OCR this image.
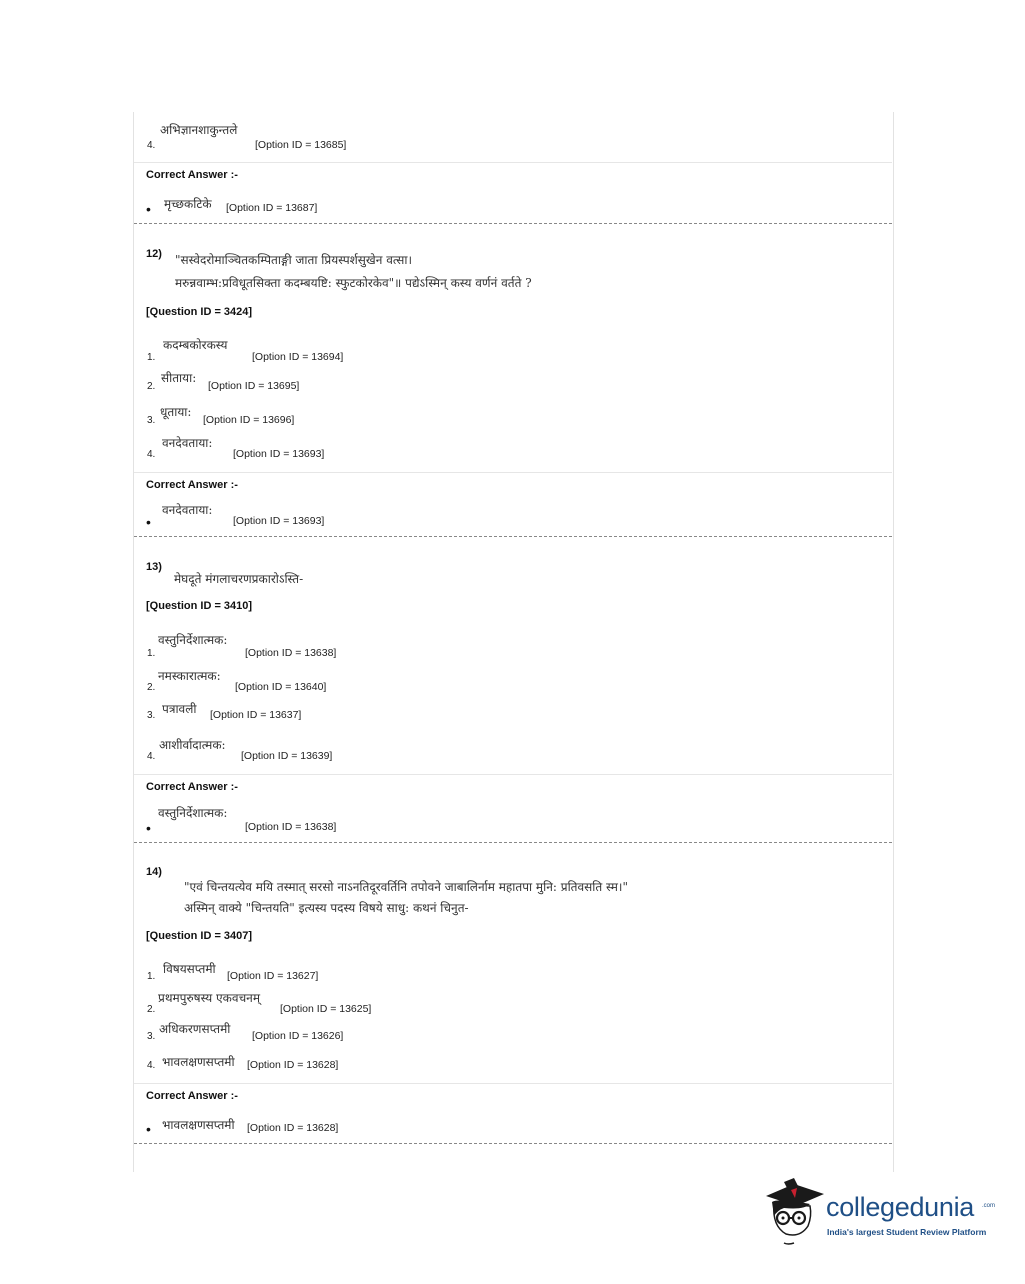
अभिज्ञानशाकुन्तले
4.	[Option ID = 13685]
Correct Answer :-
• मृच्छकटिके [Option ID = 13687]
12) "सस्वेदरोमाञ्चितकम्पिताङ्गी जाता प्रियस्पर्शसुखेन वत्सा।
मरुन्नवाम्भ:प्रविधूतसिक्ता कदम्बयष्टि: स्फुटकोरकेव"॥ पद्येऽस्मिन् कस्य वर्णनं वर्तते ?
[Question ID = 3424]
कदम्बकोरकस्य
1.	[Option ID = 13694]
सीताया:
2.	[Option ID = 13695]
धूताया:
3.	[Option ID = 13696]
वनदेवताया:
4.	[Option ID = 13693]
Correct Answer :-
वनदेवताया:
•	[Option ID = 13693]
13)
मेघदूते मंगलाचरणप्रकारोऽस्ति-
[Question ID = 3410]
वस्तुनिर्देशात्मक:
1.	[Option ID = 13638]
नमस्कारात्मक:
2.	[Option ID = 13640]
पत्रावली
3.	[Option ID = 13637]
आशीर्वादात्मक:
4.	[Option ID = 13639]
Correct Answer :-
वस्तुनिर्देशात्मक:
•	[Option ID = 13638]
14)
"एवं चिन्तयत्येव मयि तस्मात् सरसो नाऽनतिदूरवर्तिनि तपोवने जाबालिर्नाम महातपा मुनि: प्रतिवसति स्म।"
अस्मिन् वाक्ये "चिन्तयति" इत्यस्य पदस्य विषये साधु: कथनं चिनुत-
[Question ID = 3407]
विषयसप्तमी
1.	[Option ID = 13627]
प्रथमपुरुषस्य एकवचनम्
2.	[Option ID = 13625]
अधिकरणसप्तमी
3.	[Option ID = 13626]
भावलक्षणसप्तमी
4.	[Option ID = 13628]
Correct Answer :-
• भावलक्षणसप्तमी [Option ID = 13628]
collegedunia .com
India's largest Student Review Platform
